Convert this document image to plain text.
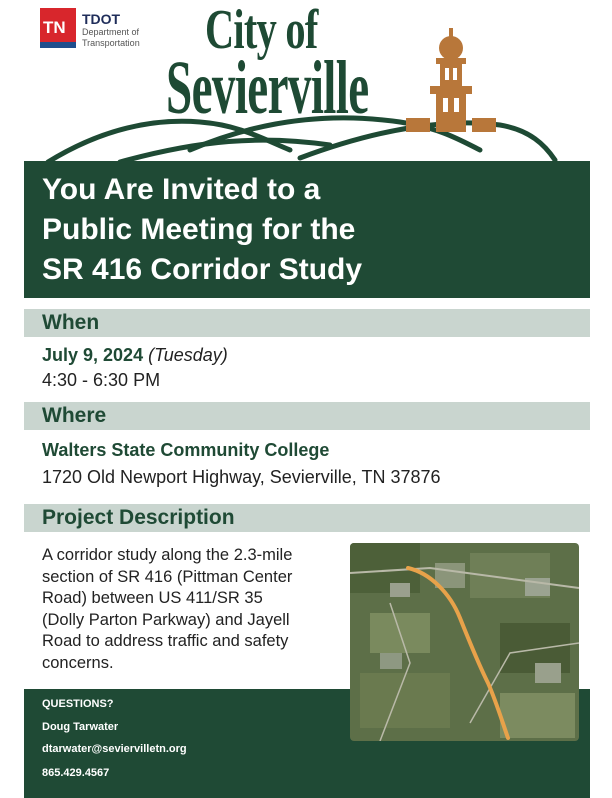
TN TDOT
Department of
Transportation City of
Sevierville
You Are Invited to a
Public Meeting for the
SR 416 Corridor Study
When
July 9, 2024 (Tuesday)
4:30 - 6:30 PM
Where
Walters State Community College
1720 Old Newport Highway, Sevierville, TN 37876
Project Description
A corridor study along the 2.3-mile
section of SR 416 (Pittman Center
Road) between US 411/SR 35
(Dolly Parton Parkway) and Jayell
Road to address traffic and safety
concerns.
QUESTIONS?
Doug Tarwater
dtarwater@seviervilletn.org
865.429.4567
